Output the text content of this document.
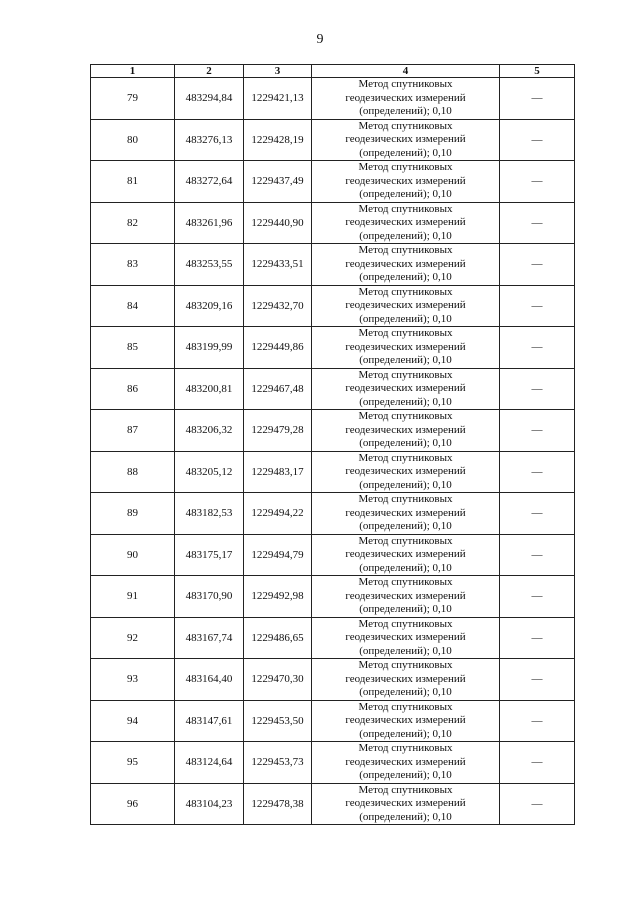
9
1	2	3	4	5
79	483294,84	1229421,13	Метод спутниковых
геодезических измерений
(определений); 0,10	—
80	483276,13	1229428,19	Метод спутниковых
геодезических измерений
(определений); 0,10	—
81	483272,64	1229437,49	Метод спутниковых
геодезических измерений
(определений); 0,10	—
82	483261,96	1229440,90	Метод спутниковых
геодезических измерений
(определений); 0,10	—
83	483253,55	1229433,51	Метод спутниковых
геодезических измерений
(определений); 0,10	—
84	483209,16	1229432,70	Метод спутниковых
геодезических измерений
(определений); 0,10	—
85	483199,99	1229449,86	Метод спутниковых
геодезических измерений
(определений); 0,10	—
86	483200,81	1229467,48	Метод спутниковых
геодезических измерений
(определений); 0,10	—
87	483206,32	1229479,28	Метод спутниковых
геодезических измерений
(определений); 0,10	—
88	483205,12	1229483,17	Метод спутниковых
геодезических измерений
(определений); 0,10	—
89	483182,53	1229494,22	Метод спутниковых
геодезических измерений
(определений); 0,10	—
90	483175,17	1229494,79	Метод спутниковых
геодезических измерений
(определений); 0,10	—
91	483170,90	1229492,98	Метод спутниковых
геодезических измерений
(определений); 0,10	—
92	483167,74	1229486,65	Метод спутниковых
геодезических измерений
(определений); 0,10	—
93	483164,40	1229470,30	Метод спутниковых
геодезических измерений
(определений); 0,10	—
94	483147,61	1229453,50	Метод спутниковых
геодезических измерений
(определений); 0,10	—
95	483124,64	1229453,73	Метод спутниковых
геодезических измерений
(определений); 0,10	—
96	483104,23	1229478,38	Метод спутниковых
геодезических измерений
(определений); 0,10	—
